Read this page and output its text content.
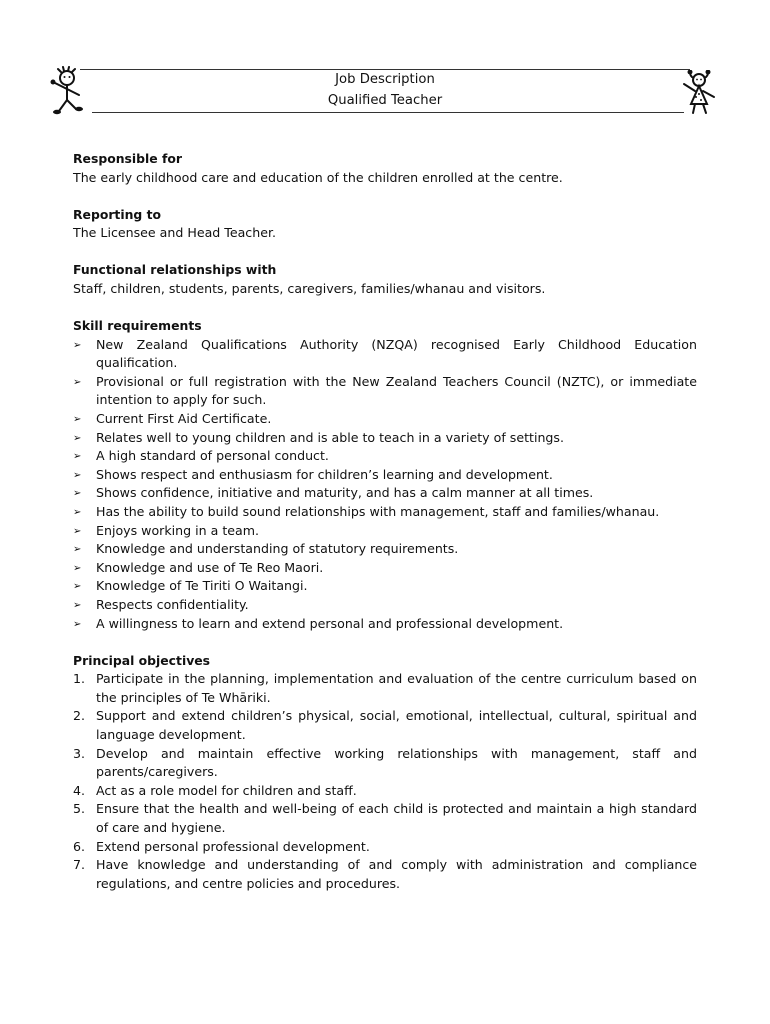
Job Description
Qualified Teacher
Responsible for
The early childhood care and education of the children enrolled at the centre.
Reporting to
The Licensee and Head Teacher.
Functional relationships with
Staff, children, students, parents, caregivers, families/whanau and visitors.
Skill requirements
➢	New Zealand Qualifications Authority (NZQA) recognised Early Childhood Education qualification.
➢	Provisional or full registration with the New Zealand Teachers Council (NZTC), or immediate intention to apply for such.
➢	Current First Aid Certificate.
➢	Relates well to young children and is able to teach in a variety of settings.
➢	A high standard of personal conduct.
➢	Shows respect and enthusiasm for children’s learning and development.
➢	Shows confidence, initiative and maturity, and has a calm manner at all times.
➢	Has the ability to build sound relationships with management, staff and families/whanau.
➢	Enjoys working in a team.
➢	Knowledge and understanding of statutory requirements.
➢	Knowledge and use of Te Reo Maori.
➢	Knowledge of Te Tiriti O Waitangi.
➢	Respects confidentiality.
➢	A willingness to learn and extend personal and professional development.
Principal objectives
1. Participate in the planning, implementation and evaluation of the centre curriculum based on the principles of Te Whāriki.
2. Support and extend children’s physical, social, emotional, intellectual, cultural, spiritual and language development.
3. Develop and maintain effective working relationships with management, staff and parents/caregivers.
4. Act as a role model for children and staff.
5. Ensure that the health and well-being of each child is protected and maintain a high standard of care and hygiene.
6. Extend personal professional development.
7. Have knowledge and understanding of and comply with administration and compliance regulations, and centre policies and procedures.
